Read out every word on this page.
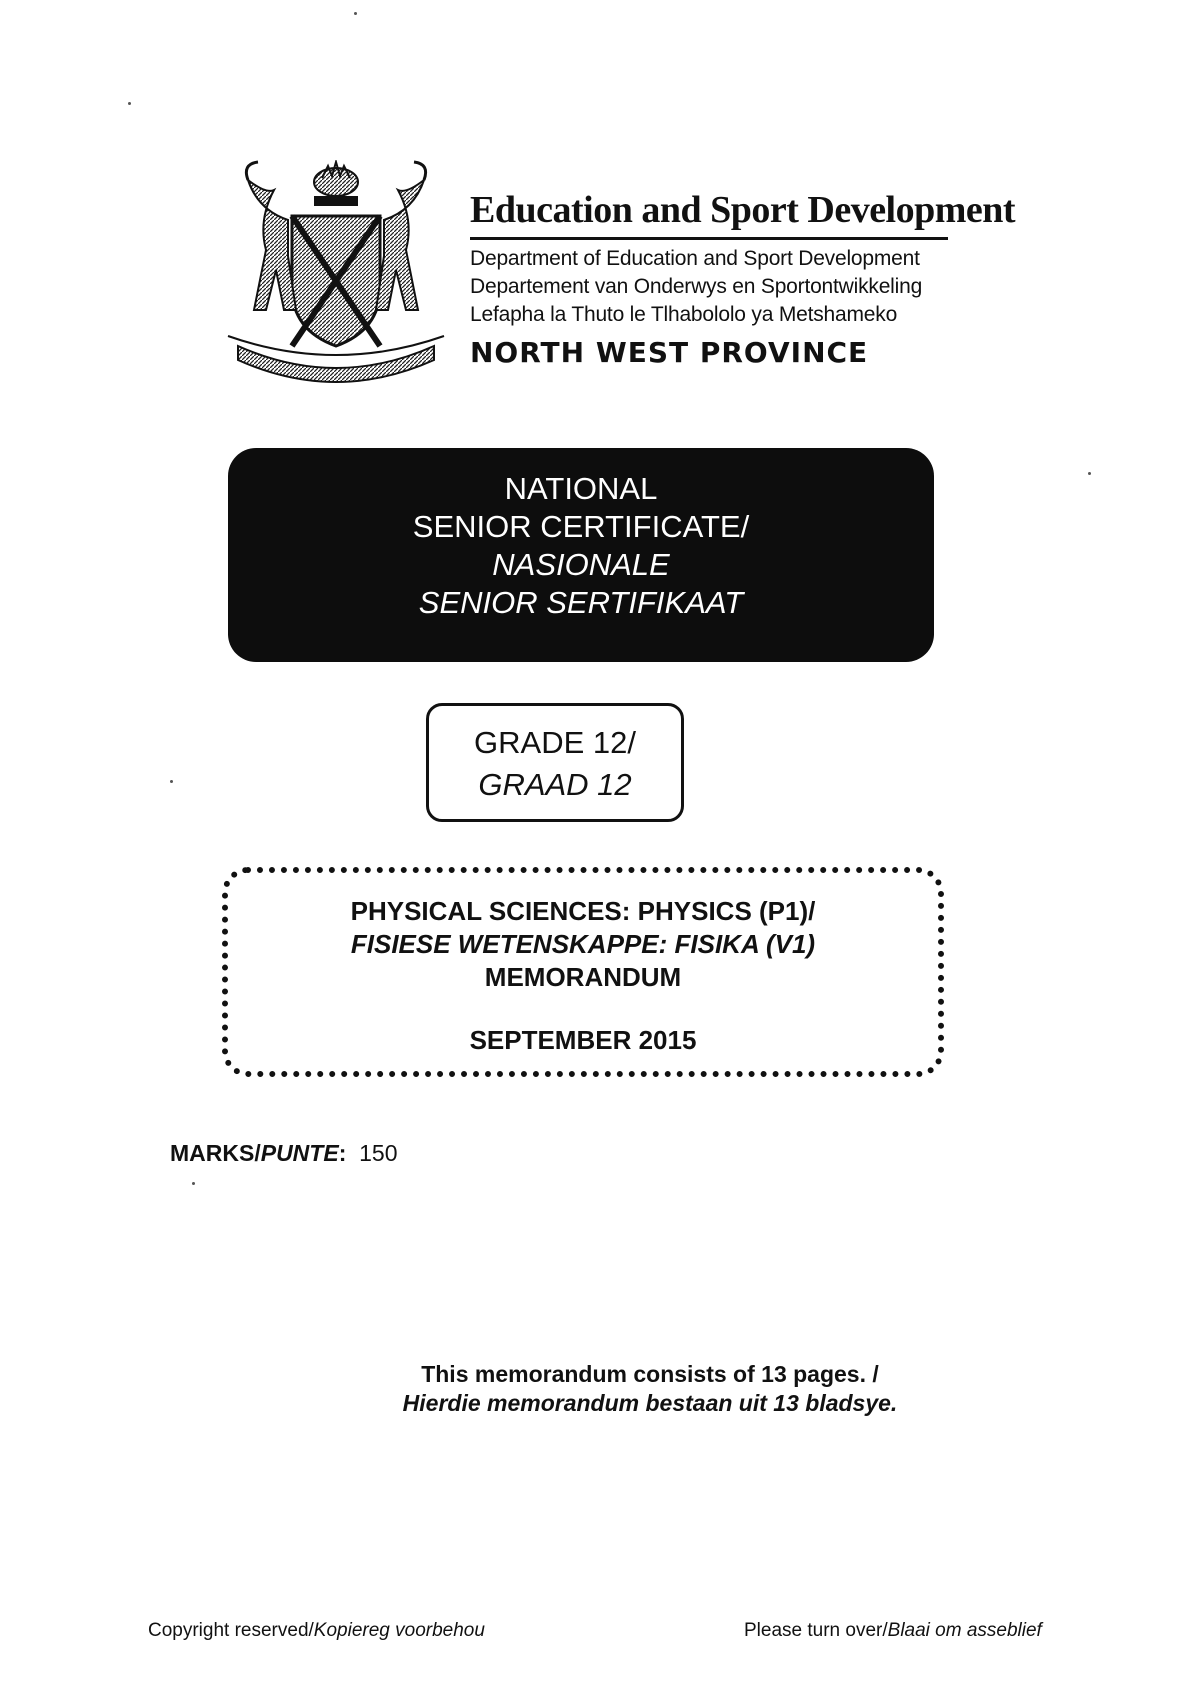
Education and Sport Development
Department of Education and Sport Development
Departement van Onderwys en Sportontwikkeling
Lefapha la Thuto le Tlhabololo ya Metshameko
NORTH WEST PROVINCE
NATIONAL
SENIOR CERTIFICATE/
NASIONALE
SENIOR SERTIFIKAAT
GRADE 12/
GRAAD 12
PHYSICAL SCIENCES: PHYSICS (P1)/
FISIESE WETENSKAPPE: FISIKA (V1)
MEMORANDUM
SEPTEMBER 2015
MARKS/PUNTE: 150
This memorandum consists of 13 pages. /
Hierdie memorandum bestaan uit 13 bladsye.
Copyright reserved/Kopiereg voorbehou	Please turn over/Blaai om asseblief
